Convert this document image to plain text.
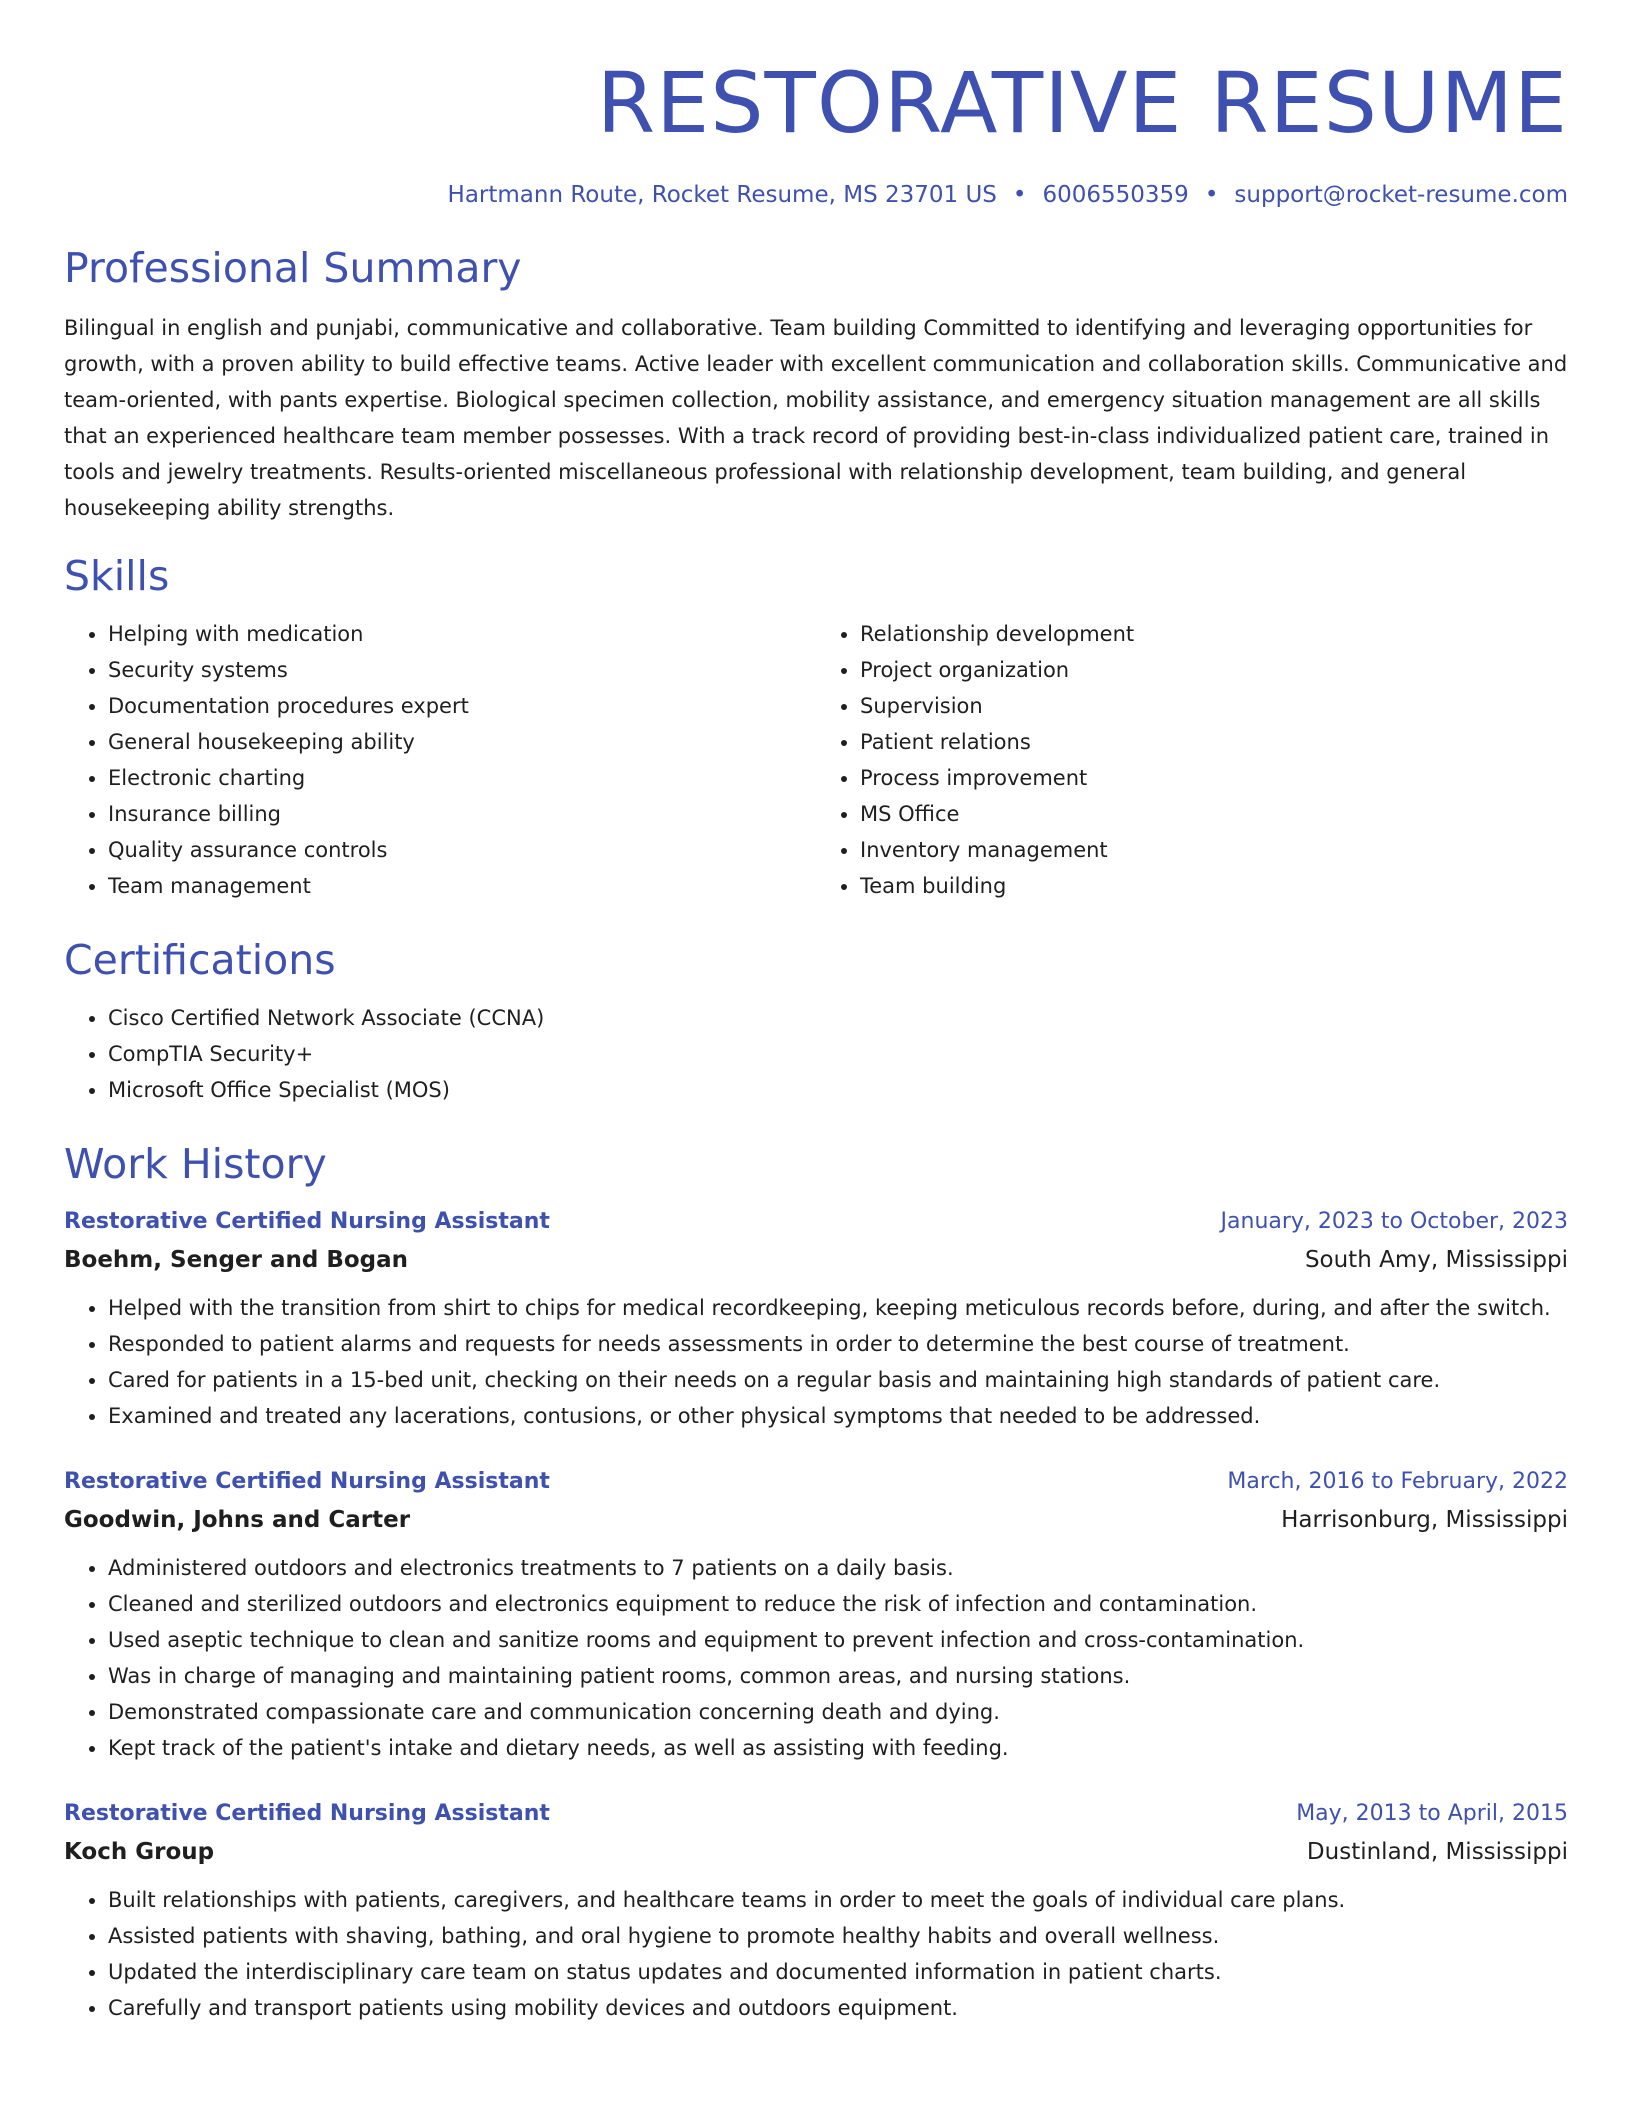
RESTORATIVE RESUME
Hartmann Route, Rocket Resume, MS 23701 US • 6006550359 • support@rocket-resume.com
Professional Summary

Bilingual in english and punjabi, communicative and collaborative. Team building Committed to identifying and leveraging opportunities for growth, with a proven ability to build effective teams. Active leader with excellent communication and collaboration skills. Communicative and team-oriented, with pants expertise. Biological specimen collection, mobility assistance, and emergency situation management are all skills that an experienced healthcare team member possesses. With a track record of providing best-in-class individualized patient care, trained in tools and jewelry treatments. Results-oriented miscellaneous professional with relationship development, team building, and general housekeeping ability strengths.

Skills
• Helping with medication
• Security systems
• Documentation procedures expert
• General housekeeping ability
• Electronic charting
• Insurance billing
• Quality assurance controls
• Team management
• Relationship development
• Project organization
• Supervision
• Patient relations
• Process improvement
• MS Office
• Inventory management
• Team building
Certifications
• Cisco Certified Network Associate (CCNA)
• CompTIA Security+
• Microsoft Office Specialist (MOS)
Work History
Restorative Certified Nursing Assistant	January, 2023 to October, 2023
Boehm, Senger and Bogan	South Amy, Mississippi
• Helped with the transition from shirt to chips for medical recordkeeping, keeping meticulous records before, during, and after the switch.
• Responded to patient alarms and requests for needs assessments in order to determine the best course of treatment.
• Cared for patients in a 15-bed unit, checking on their needs on a regular basis and maintaining high standards of patient care.
• Examined and treated any lacerations, contusions, or other physical symptoms that needed to be addressed.
Restorative Certified Nursing Assistant	March, 2016 to February, 2022
Goodwin, Johns and Carter	Harrisonburg, Mississippi
• Administered outdoors and electronics treatments to 7 patients on a daily basis.
• Cleaned and sterilized outdoors and electronics equipment to reduce the risk of infection and contamination.
• Used aseptic technique to clean and sanitize rooms and equipment to prevent infection and cross-contamination.
• Was in charge of managing and maintaining patient rooms, common areas, and nursing stations.
• Demonstrated compassionate care and communication concerning death and dying.
• Kept track of the patient's intake and dietary needs, as well as assisting with feeding.
Restorative Certified Nursing Assistant	May, 2013 to April, 2015
Koch Group	Dustinland, Mississippi
• Built relationships with patients, caregivers, and healthcare teams in order to meet the goals of individual care plans.
• Assisted patients with shaving, bathing, and oral hygiene to promote healthy habits and overall wellness.
• Updated the interdisciplinary care team on status updates and documented information in patient charts.
• Carefully and transport patients using mobility devices and outdoors equipment.
